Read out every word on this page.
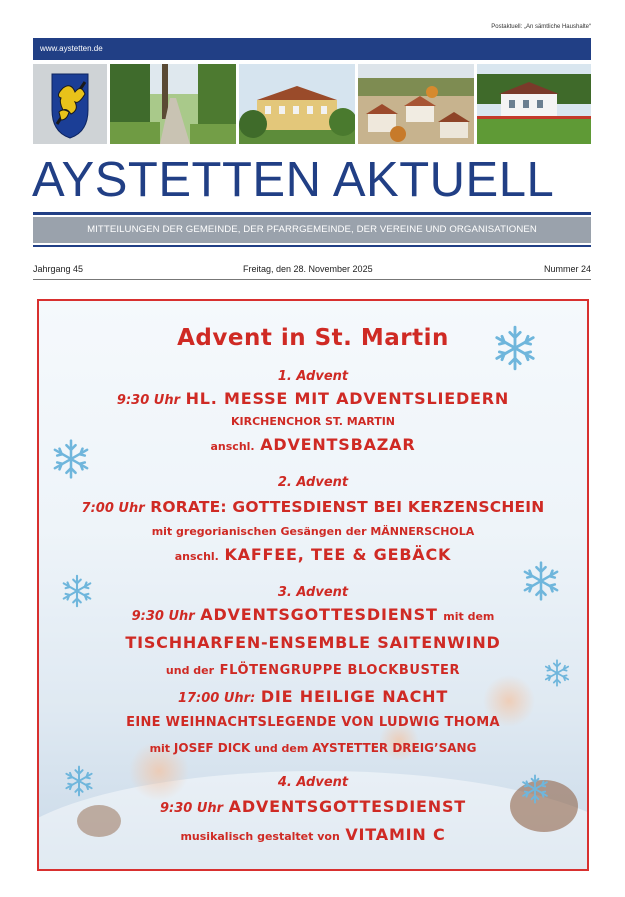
Postaktuell: „An sämtliche Haushalte“
www.aystetten.de
AYSTETTEN AKTUELL
MITTEILUNGEN DER GEMEINDE, DER PFARRGEMEINDE, DER VEREINE UND ORGANISATIONEN
Jahrgang 45	Freitag, den 28. November 2025	Nummer 24
Advent in St. Martin
1. Advent
9:30 Uhr HL. MESSE MIT ADVENTSLIEDERN
KIRCHENCHOR ST. MARTIN
anschl. ADVENTSBAZAR
2. Advent
7:00 Uhr RORATE: GOTTESDIENST BEI KERZENSCHEIN
mit gregorianischen Gesängen der MÄNNERSCHOLA
anschl. KAFFEE, TEE & GEBÄCK
3. Advent
9:30 Uhr ADVENTSGOTTESDIENST mit dem
TISCHHARFEN-ENSEMBLE SAITENWIND
und der FLÖTENGRUPPE BLOCKBUSTER
17:00 Uhr: DIE HEILIGE NACHT
EINE WEIHNACHTSLEGENDE VON LUDWIG THOMA
mit JOSEF DICK und dem AYSTETTER DREIG’SANG
4. Advent
9:30 Uhr ADVENTSGOTTESDIENST
musikalisch gestaltet von VITAMIN C
